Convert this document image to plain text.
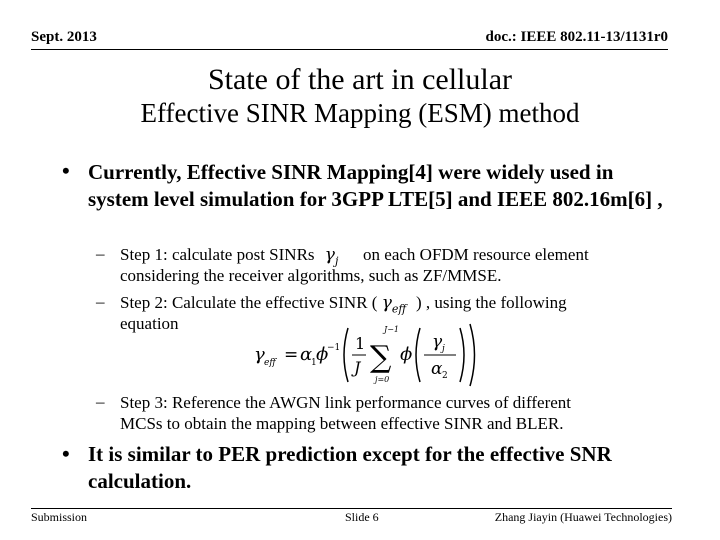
Sept. 2013	doc.: IEEE 802.11-13/1131r0
State of the art in cellular
Effective SINR Mapping (ESM) method
• Currently, Effective SINR Mapping[4] were widely used in system level simulation for 3GPP LTE[5] and IEEE 802.16m[6] ,
– Step 1: calculate post SINRs $\gamma_j$ on each OFDM resource element
considering the receiver algorithms, such as ZF/MMSE.
– Step 2: Calculate the effective SINR ( $\gamma_{eff}$ ) , using the following
equation
γ eff = α
1 ϕ
−1 1
J
J−1
∑
j=0
ϕ
γ j
α 2
– Step 3: Reference the AWGN link performance curves of different
MCSs to obtain the mapping between effective SINR and BLER.
• It is similar to PER prediction except for the effective SNR calculation.
Submission	Slide 6	Zhang Jiayin (Huawei Technologies)
